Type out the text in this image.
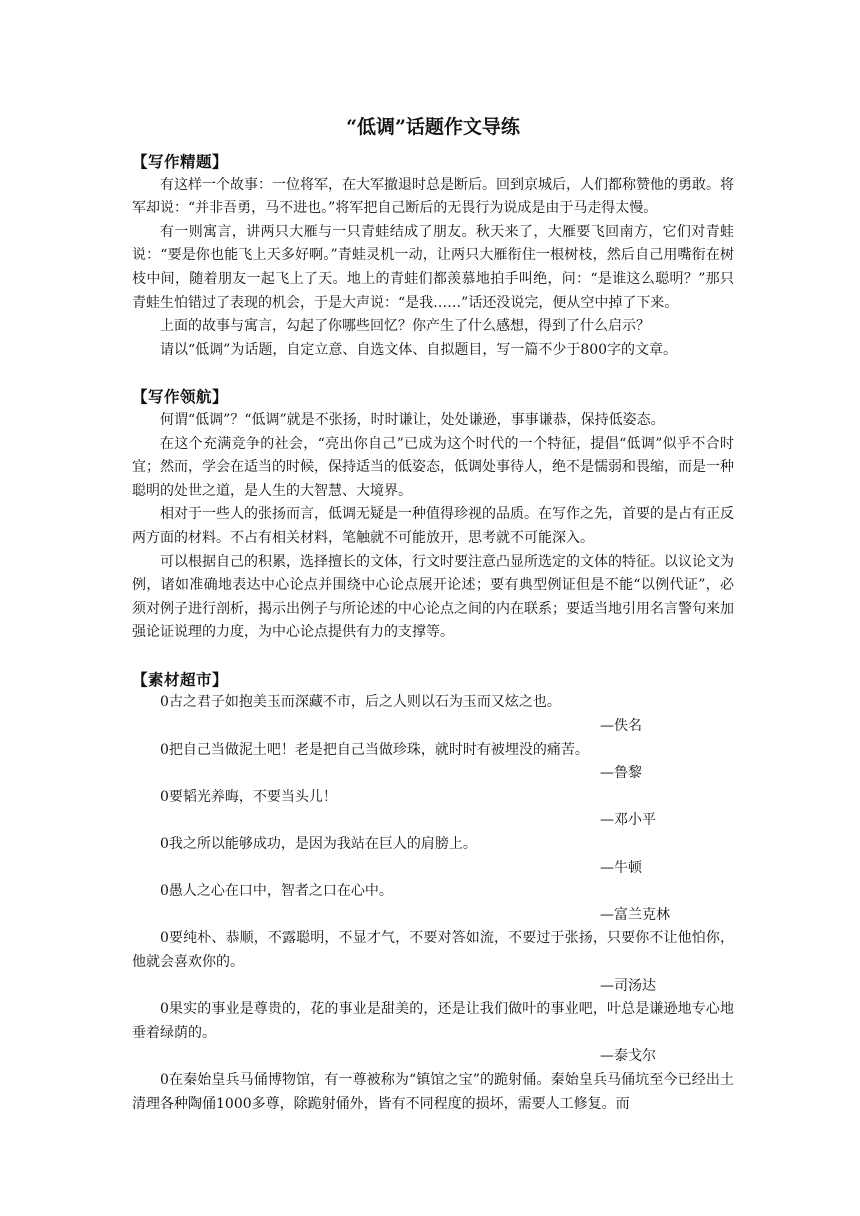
“低调”话题作文导练
【写作精题】
有这样一个故事：一位将军，在大军撤退时总是断后。回到京城后，人们都称赞他的勇敢。将军却说：“并非吾勇，马不进也。”将军把自己断后的无畏行为说成是由于马走得太慢。
有一则寓言，讲两只大雁与一只青蛙结成了朋友。秋天来了，大雁要飞回南方，它们对青蛙说：“要是你也能飞上天多好啊。”青蛙灵机一动，让两只大雁衔住一根树枝，然后自己用嘴衔在树枝中间，随着朋友一起飞上了天。地上的青蛙们都羡慕地拍手叫绝，问：“是谁这么聪明？”那只青蛙生怕错过了表现的机会，于是大声说：“是我……”话还没说完，便从空中掉了下来。
上面的故事与寓言，勾起了你哪些回忆？你产生了什么感想，得到了什么启示？
请以“低调”为话题，自定立意、自选文体、自拟题目，写一篇不少于800字的文章。
【写作领航】
何谓“低调”？“低调”就是不张扬，时时谦让，处处谦逊，事事谦恭，保持低姿态。
在这个充满竞争的社会，“亮出你自己”已成为这个时代的一个特征，提倡“低调”似乎不合时宜；然而，学会在适当的时候，保持适当的低姿态，低调处事待人，绝不是懦弱和畏缩，而是一种聪明的处世之道，是人生的大智慧、大境界。
相对于一些人的张扬而言，低调无疑是一种值得珍视的品质。在写作之先，首要的是占有正反两方面的材料。不占有相关材料，笔触就不可能放开，思考就不可能深入。
可以根据自己的积累，选择擅长的文体，行文时要注意凸显所选定的文体的特征。以议论文为例，诸如准确地表达中心论点并围绕中心论点展开论述；要有典型例证但是不能“以例代证”，必须对例子进行剖析，揭示出例子与所论述的中心论点之间的内在联系；要适当地引用名言警句来加强论证说理的力度，为中心论点提供有力的支撑等。
【素材超市】
0古之君子如抱美玉而深藏不市，后之人则以石为玉而又炫之也。
—佚名
0把自己当做泥土吧！老是把自己当做珍珠，就时时有被埋没的痛苦。
—鲁黎
0要韬光养晦，不要当头儿！
—邓小平
0我之所以能够成功，是因为我站在巨人的肩膀上。
—牛顿
0愚人之心在口中，智者之口在心中。
—富兰克林
0要纯朴、恭顺，不露聪明，不显才气，不要对答如流，不要过于张扬，只要你不让他怕你，他就会喜欢你的。
—司汤达
0果实的事业是尊贵的，花的事业是甜美的，还是让我们做叶的事业吧，叶总是谦逊地专心地垂着绿荫的。
—泰戈尔
0在秦始皇兵马俑博物馆，有一尊被称为“镇馆之宝”的跪射俑。秦始皇兵马俑坑至今已经出土清理各种陶俑1000多尊，除跪射俑外，皆有不同程度的损坏，需要人工修复。而
